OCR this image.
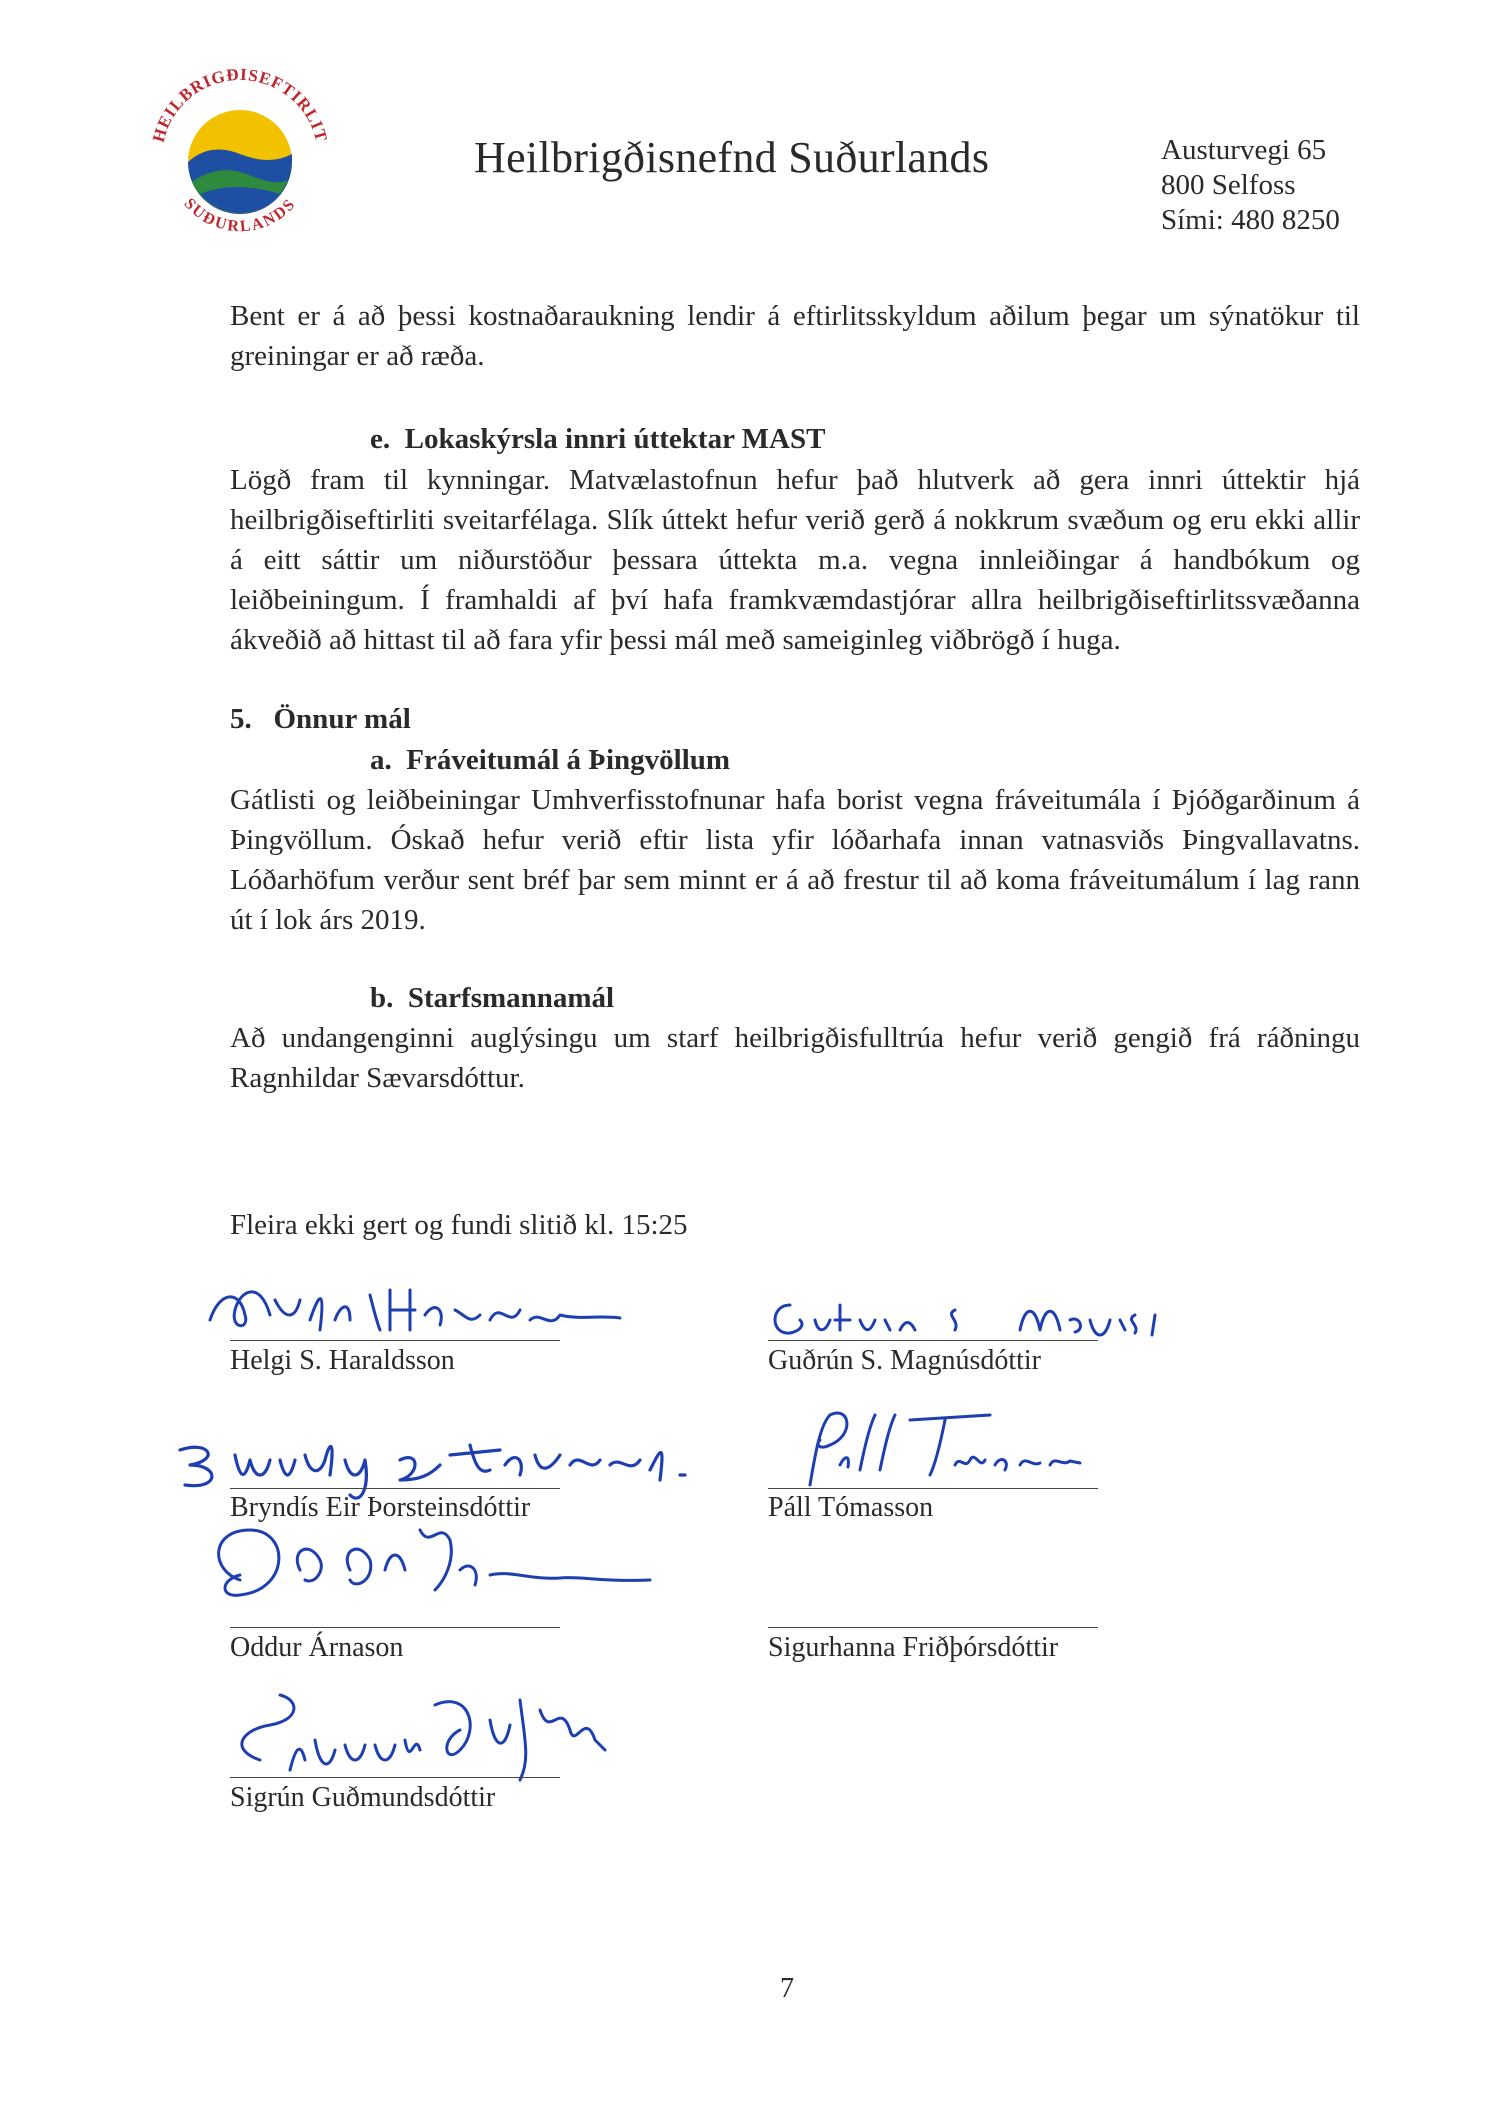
HEILBRIGÐISEFTIRLIT
SUÐURLANDS
Heilbrigðisnefnd Suðurlands	Austurvegi 65
800 Selfoss
Sími: 480 8250
Bent er á að þessi kostnaðaraukning lendir á eftirlitsskyldum aðilum þegar um sýnatökur til greiningar er að ræða.
e. Lokaskýrsla innri úttektar MAST
Lögð fram til kynningar. Matvælastofnun hefur það hlutverk að gera innri úttektir hjá heilbrigðiseftirliti sveitarfélaga. Slík úttekt hefur verið gerð á nokkrum svæðum og eru ekki allir á eitt sáttir um niðurstöður þessara úttekta m.a. vegna innleiðingar á handbókum og leiðbeiningum. Í framhaldi af því hafa framkvæmdastjórar allra heilbrigðiseftirlitssvæðanna ákveðið að hittast til að fara yfir þessi mál með sameiginleg viðbrögð í huga.
5. Önnur mál
a. Fráveitumál á Þingvöllum
Gátlisti og leiðbeiningar Umhverfisstofnunar hafa borist vegna fráveitumála í Þjóðgarðinum á Þingvöllum. Óskað hefur verið eftir lista yfir lóðarhafa innan vatnasviðs Þingvallavatns. Lóðarhöfum verður sent bréf þar sem minnt er á að frestur til að koma fráveitumálum í lag rann út í lok árs 2019.
b. Starfsmannamál
Að undangenginni auglýsingu um starf heilbrigðisfulltrúa hefur verið gengið frá ráðningu Ragnhildar Sævarsdóttur.
Fleira ekki gert og fundi slitið kl. 15:25
Helgi S. Haraldsson
Bryndís Eir Þorsteinsdóttir
Oddur Árnason
Sigrún Guðmundsdóttir
Guðrún S. Magnúsdóttir
Páll Tómasson
Sigurhanna Friðþórsdóttir
7
